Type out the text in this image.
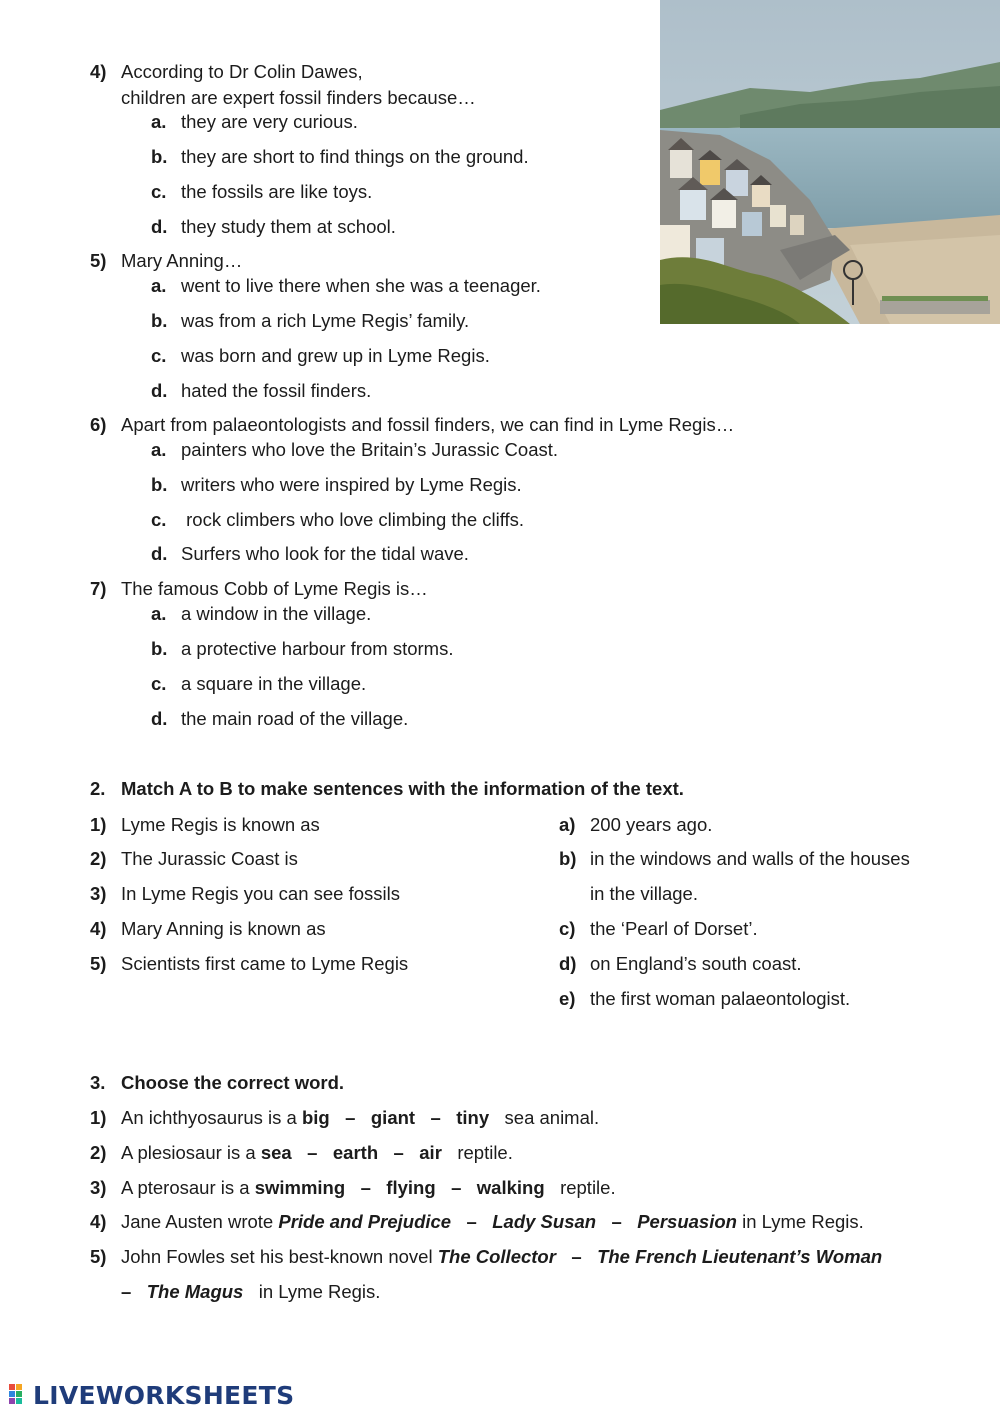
4) According to Dr Colin Dawes,
children are expert fossil finders because…
a. they are very curious.
b. they are short to find things on the ground.
c. the fossils are like toys.
d. they study them at school.
5) Mary Anning…
a. went to live there when she was a teenager.
b. was from a rich Lyme Regis’ family.
c. was born and grew up in Lyme Regis.
d. hated the fossil finders.
6) Apart from palaeontologists and fossil finders, we can find in Lyme Regis…
a. painters who love the Britain’s Jurassic Coast.
b. writers who were inspired by Lyme Regis.
c. rock climbers who love climbing the cliffs.
d. Surfers who look for the tidal wave.
7) The famous Cobb of Lyme Regis is…
a. a window in the village.
b. a protective harbour from storms.
c. a square in the village.
d. the main road of the village.
2. Match A to B to make sentences with the information of the text.
1) Lyme Regis is known as
2) The Jurassic Coast is
3) In Lyme Regis you can see fossils
4) Mary Anning is known as
5) Scientists first came to Lyme Regis
a) 200 years ago.
b) in the windows and walls of the houses
in the village.
c) the ‘Pearl of Dorset’.
d) on England’s south coast.
e) the first woman palaeontologist.
3. Choose the correct word.
1) An ichthyosaurus is a big – giant – tiny sea animal.
2) A plesiosaur is a sea – earth – air reptile.
3) A pterosaur is a swimming – flying – walking reptile.
4) Jane Austen wrote Pride and Prejudice – Lady Susan – Persuasion in Lyme Regis.
5) John Fowles set his best-known novel The Collector – The French Lieutenant’s Woman
– The Magus in Lyme Regis.
LIVEWORKSHEETS
